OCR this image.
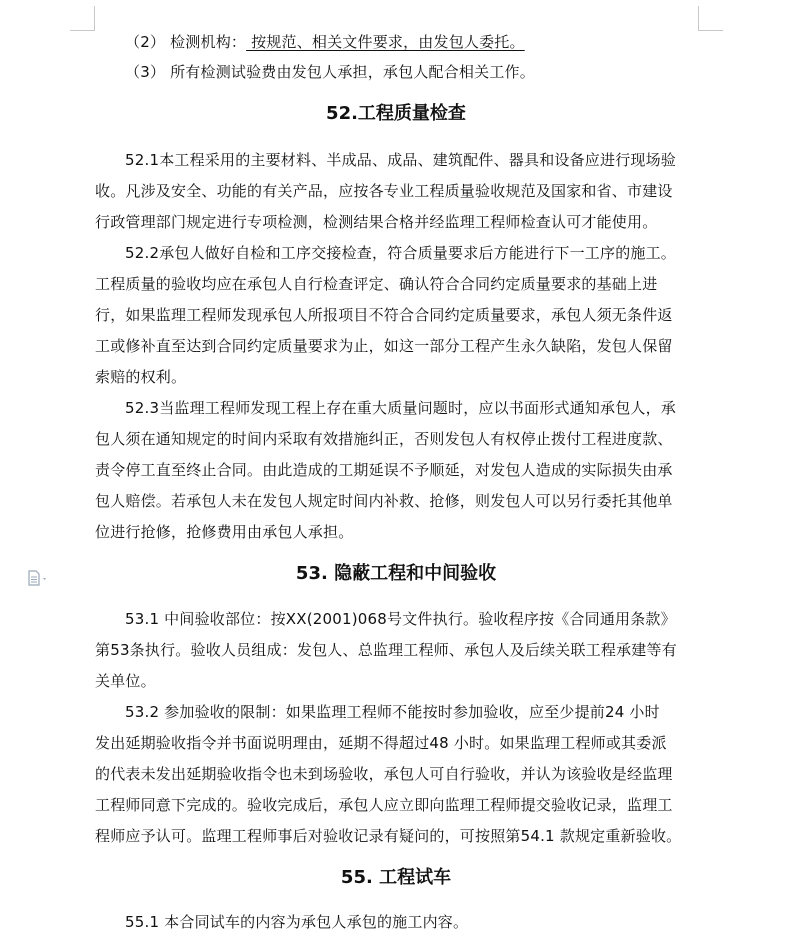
（2） 检测机构： 按规范、相关文件要求，由发包人委托。
（3） 所有检测试验费由发包人承担，承包人配合相关工作。
52.工程质量检查
52.1本工程采用的主要材料、半成品、成品、建筑配件、器具和设备应进行现场验
收。凡涉及安全、功能的有关产品，应按各专业工程质量验收规范及国家和省、市建设
行政管理部门规定进行专项检测，检测结果合格并经监理工程师检查认可才能使用。
52.2承包人做好自检和工序交接检查，符合质量要求后方能进行下一工序的施工。
工程质量的验收均应在承包人自行检查评定、确认符合合同约定质量要求的基础上进
行，如果监理工程师发现承包人所报项目不符合合同约定质量要求，承包人须无条件返
工或修补直至达到合同约定质量要求为止，如这一部分工程产生永久缺陷，发包人保留
索赔的权利。
52.3当监理工程师发现工程上存在重大质量问题时，应以书面形式通知承包人，承
包人须在通知规定的时间内采取有效措施纠正，否则发包人有权停止拨付工程进度款、
责令停工直至终止合同。由此造成的工期延误不予顺延，对发包人造成的实际损失由承
包人赔偿。若承包人未在发包人规定时间内补救、抢修，则发包人可以另行委托其他单
位进行抢修，抢修费用由承包人承担。
53. 隐蔽工程和中间验收
53.1 中间验收部位：按XX(2001)068号文件执行。验收程序按《合同通用条款》
第53条执行。验收人员组成：发包人、总监理工程师、承包人及后续关联工程承建等有
关单位。
53.2 参加验收的限制：如果监理工程师不能按时参加验收，应至少提前24 小时
发出延期验收指令并书面说明理由，延期不得超过48 小时。如果监理工程师或其委派
的代表未发出延期验收指令也未到场验收，承包人可自行验收，并认为该验收是经监理
工程师同意下完成的。验收完成后，承包人应立即向监理工程师提交验收记录，监理工
程师应予认可。监理工程师事后对验收记录有疑问的，可按照第54.1 款规定重新验收。
55. 工程试车
55.1 本合同试车的内容为承包人承包的施工内容。
